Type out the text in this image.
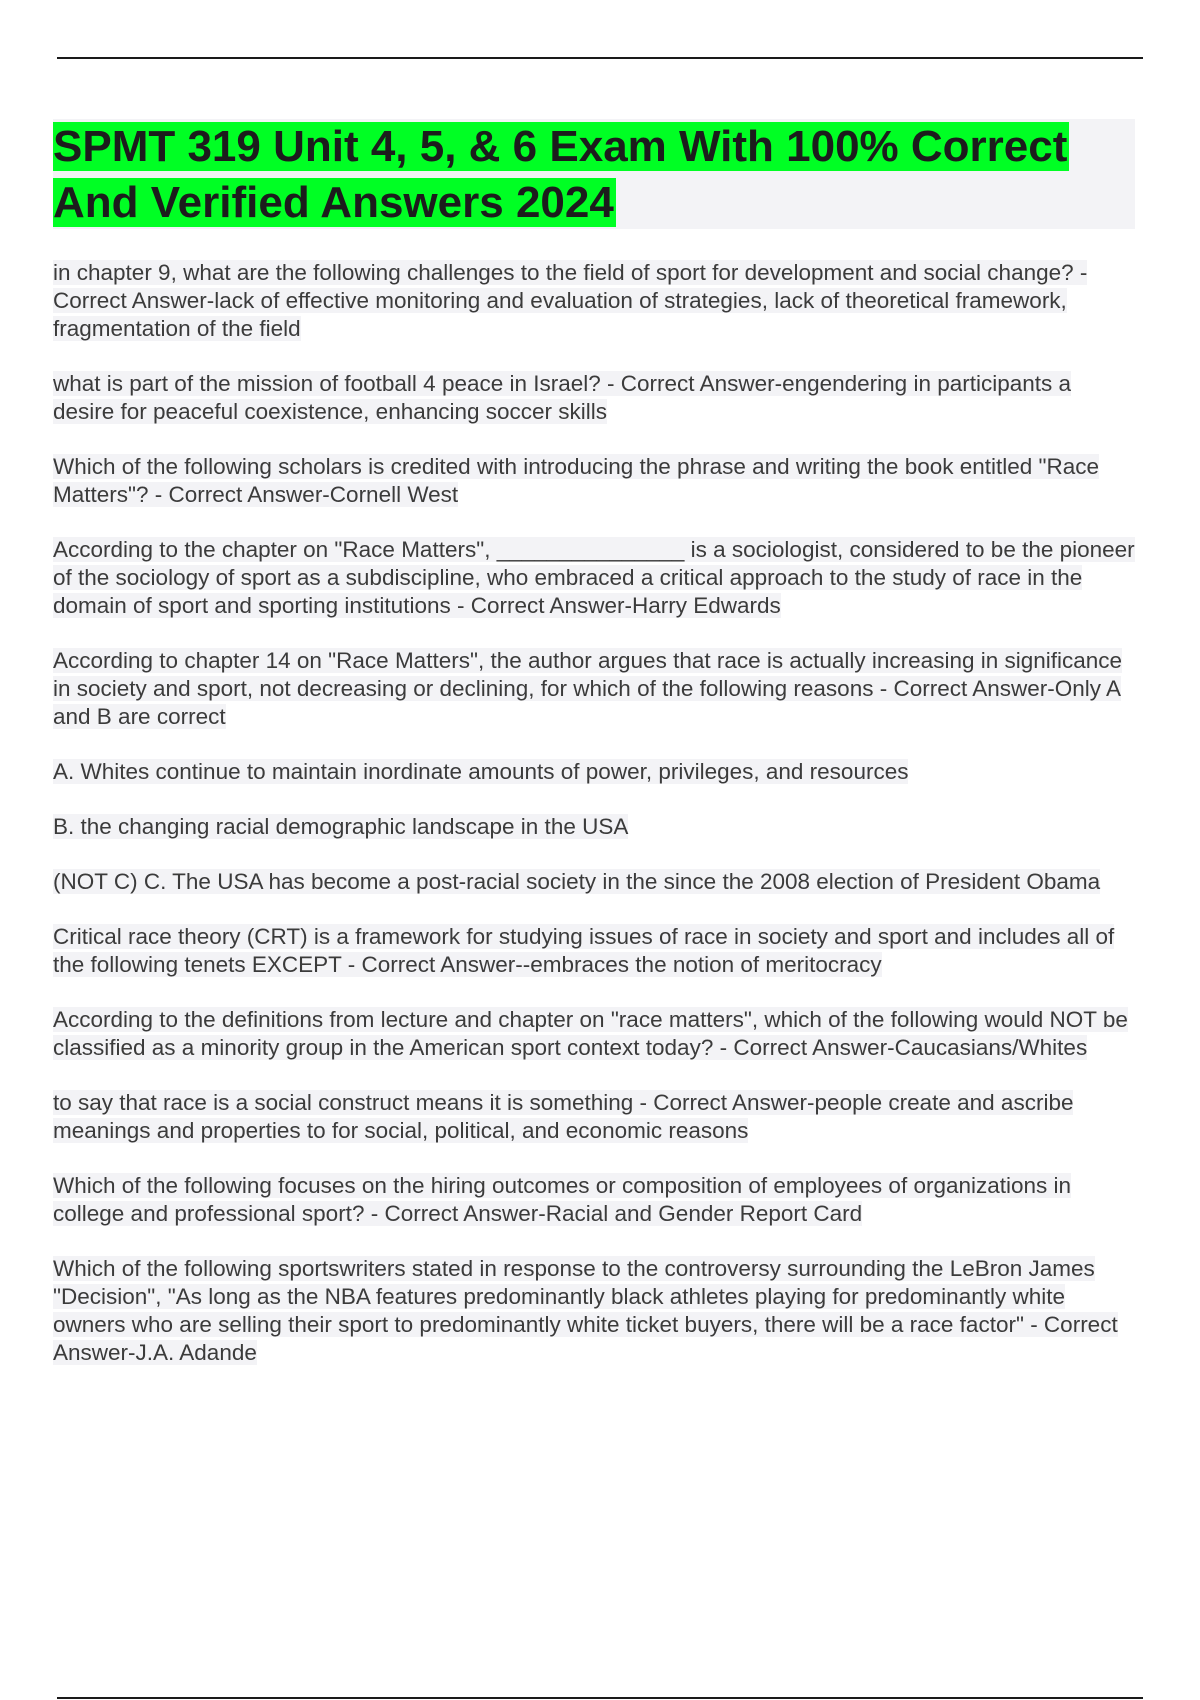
SPMT 319 Unit 4, 5, & 6 Exam With 100% Correct And Verified Answers 2024

in chapter 9, what are the following challenges to the field of sport for development and social change? - Correct Answer-lack of effective monitoring and evaluation of strategies, lack of theoretical framework, fragmentation of the field

what is part of the mission of football 4 peace in Israel? - Correct Answer-engendering in participants a desire for peaceful coexistence, enhancing soccer skills

Which of the following scholars is credited with introducing the phrase and writing the book entitled "Race Matters"? - Correct Answer-Cornell West

According to the chapter on "Race Matters", _______________ is a sociologist, considered to be the pioneer of the sociology of sport as a subdiscipline, who embraced a critical approach to the study of race in the domain of sport and sporting institutions - Correct Answer-Harry Edwards

According to chapter 14 on "Race Matters", the author argues that race is actually increasing in significance in society and sport, not decreasing or declining, for which of the following reasons - Correct Answer-Only A and B are correct

A. Whites continue to maintain inordinate amounts of power, privileges, and resources

B. the changing racial demographic landscape in the USA

(NOT C) C. The USA has become a post-racial society in the since the 2008 election of President Obama

Critical race theory (CRT) is a framework for studying issues of race in society and sport and includes all of the following tenets EXCEPT - Correct Answer--embraces the notion of meritocracy

According to the definitions from lecture and chapter on "race matters", which of the following would NOT be classified as a minority group in the American sport context today? - Correct Answer-Caucasians/Whites

to say that race is a social construct means it is something - Correct Answer-people create and ascribe meanings and properties to for social, political, and economic reasons

Which of the following focuses on the hiring outcomes or composition of employees of organizations in college and professional sport? - Correct Answer-Racial and Gender Report Card

Which of the following sportswriters stated in response to the controversy surrounding the LeBron James "Decision", "As long as the NBA features predominantly black athletes playing for predominantly white owners who are selling their sport to predominantly white ticket buyers, there will be a race factor" - Correct Answer-J.A. Adande
